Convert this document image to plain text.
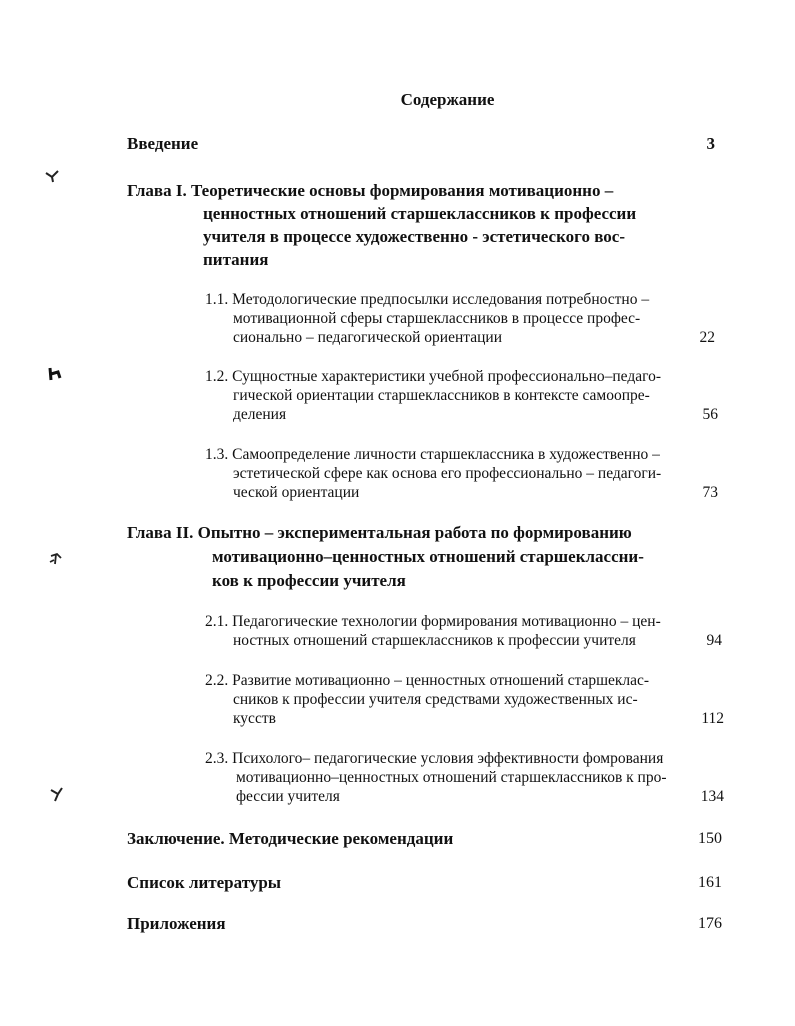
Содержание
Введение	3
Глава I. Теоретические основы формирования мотивационно –
ценностных отношений старшеклассников к профессии
учителя в процессе художественно - эстетического вос-
питания
1.1. Методологические предпосылки исследования потребностно –
мотивационной сферы старшеклассников в процессе профес-
сионально – педагогической ориентации	22
1.2. Сущностные характеристики учебной профессионально–педаго-
гической ориентации старшеклассников в контексте самоопре-
деления	56
1.3. Самоопределение личности старшеклассника в художественно –
эстетической сфере как основа его профессионально – педагоги-
ческой ориентации	73
Глава II. Опытно – экспериментальная работа по формированию
мотивационно–ценностных отношений старшеклассни-
ков к профессии учителя
2.1. Педагогические технологии формирования мотивационно – цен-
ностных отношений старшеклассников к профессии учителя	94
2.2. Развитие мотивационно – ценностных отношений старшеклас-
сников к профессии учителя средствами художественных ис-
кусств	112
2.3. Психолого– педагогические условия эффективности фомрования
мотивационно–ценностных отношений старшеклассников к про-
фессии учителя	134
Заключение. Методические рекомендации	150
Список литературы	161
Приложения	176
